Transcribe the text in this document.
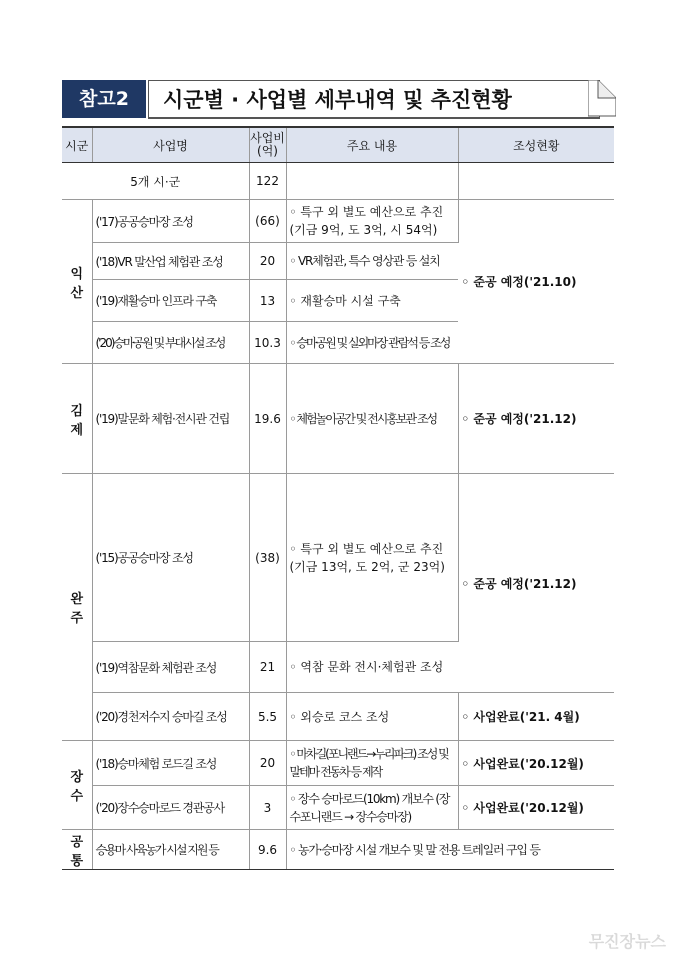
참고2	시군별 · 사업별 세부내역 및 추진현황
시군	사업명	사업비(억)	주요 내용	조성현황
5개 시·군		122		
익산	('17)공공승마장 조성	(66)	◦ 특구 외 별도 예산으로 추진 (기금 9억, 도 3억, 시 54억)	◦ 준공 예정('21.10)
	('18)VR 말산업 체험관 조성	20	◦ VR체험관, 특수 영상관 등 설치	
	('19)재활승마 인프라 구축	13	◦ 재활승마 시설 구축	
	('20)승마공원 및 부대시설 조성	10.3	◦ 승마공원 및 실외마장 관람석 등 조성	
김제	('19)말문화 체험·전시관 건립	19.6	◦ 체험놀이공간 및 전시홍보관 조성	◦ 준공 예정('21.12)
완주	('15)공공승마장 조성	(38)	◦ 특구 외 별도 예산으로 추진 (기금 13억, 도 2억, 군 23억)	◦ 준공 예정('21.12)
	('19)역참문화 체험관 조성	21	◦ 역참 문화 전시·체험관 조성	
	('20)경천저수지 승마길 조성	5.5	◦ 외승로 코스 조성	◦ 사업완료('21. 4월)
장수	('18)승마체험 로드길 조성	20	◦ 마차길(포니랜드→누리파크) 조성 및 말테마 전동차 등 제작	◦ 사업완료('20.12월)
	('20)장수승마로드 경관공사	3	◦ 장수 승마로드(10km) 개보수 (장수포니랜드 → 장수승마장)	◦ 사업완료('20.12월)
공통	승용마 사육농가 시설 지원 등	9.6	◦ 농가·승마장 시설 개보수 및 말 전용 트레일러 구입 등	
무진장뉴스
